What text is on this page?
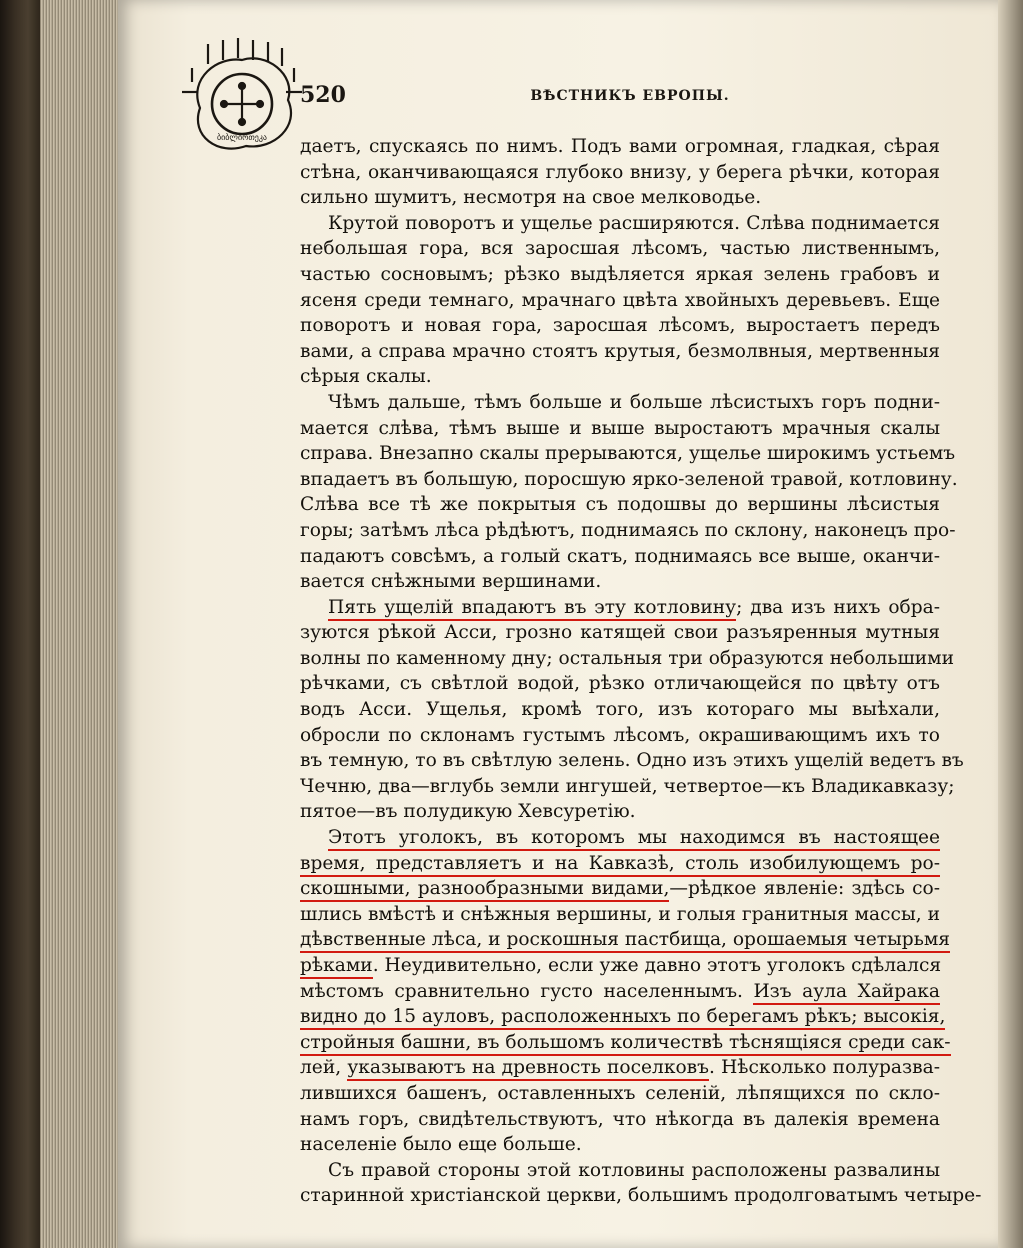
ბიბლიოთეკა
520	ВѢСТНИКЪ ЕВРОПЫ.
даетъ, спускаясь по нимъ. Подъ вами огромная, гладкая, сѣрая
стѣна, оканчивающаяся глубоко внизу, у берега рѣчки, которая
сильно шумитъ, несмотря на свое мелководье.
Крутой поворотъ и ущелье расширяются. Слѣва поднимается
небольшая гора, вся заросшая лѣсомъ, частью лиственнымъ,
частью сосновымъ; рѣзко выдѣляется яркая зелень грабовъ и
ясеня среди темнаго, мрачнаго цвѣта хвойныхъ деревьевъ. Еще
поворотъ и новая гора, заросшая лѣсомъ, выростаетъ передъ
вами, а справа мрачно стоятъ крутыя, безмолвныя, мертвенныя
сѣрыя скалы.
Чѣмъ дальше, тѣмъ больше и больше лѣсистыхъ горъ подни-
мается слѣва, тѣмъ выше и выше выростаютъ мрачныя скалы
справа. Внезапно скалы прерываются, ущелье широкимъ устьемъ
впадаетъ въ большую, поросшую ярко-зеленой травой, котловину.
Слѣва все тѣ же покрытыя съ подошвы до вершины лѣсистыя
горы; затѣмъ лѣса рѣдѣютъ, поднимаясь по склону, наконецъ про-
падаютъ совсѣмъ, а голый скатъ, поднимаясь все выше, оканчи-
вается снѣжными вершинами.
Пять ущелій впадаютъ въ эту котловину; два изъ нихъ обра-
зуются рѣкой Асси, грозно катящей свои разъяренныя мутныя
волны по каменному дну; остальныя три образуются небольшими
рѣчками, съ свѣтлой водой, рѣзко отличающейся по цвѣту отъ
водъ Асси. Ущелья, кромѣ того, изъ котораго мы выѣхали,
обросли по склонамъ густымъ лѣсомъ, окрашивающимъ ихъ то
въ темную, то въ свѣтлую зелень. Одно изъ этихъ ущелій ведетъ въ
Чечню, два—вглубь земли ингушей, четвертое—къ Владикавказу;
пятое—въ полудикую Хевсуретію.
Этотъ уголокъ, въ которомъ мы находимся въ настоящее
время, представляетъ и на Кавказѣ, столь изобилующемъ ро-
скошными, разнообразными видами,—рѣдкое явленіе: здѣсь со-
шлись вмѣстѣ и снѣжныя вершины, и голыя гранитныя массы, и
дѣвственные лѣса, и роскошныя пастбища, орошаемыя четырьмя
рѣками. Неудивительно, если уже давно этотъ уголокъ сдѣлался
мѣстомъ сравнительно густо населеннымъ. Изъ аула Хайрака
видно до 15 ауловъ, расположенныхъ по берегамъ рѣкъ; высокія,
стройныя башни, въ большомъ количествѣ тѣснящіяся среди сак-
лей, указываютъ на древность поселковъ. Нѣсколько полуразва-
лившихся башенъ, оставленныхъ селеній, лѣпящихся по скло-
намъ горъ, свидѣтельствуютъ, что нѣкогда въ далекія времена
населеніе было еще больше.
Съ правой стороны этой котловины расположены развалины
старинной христіанской церкви, большимъ продолговатымъ четыре-
